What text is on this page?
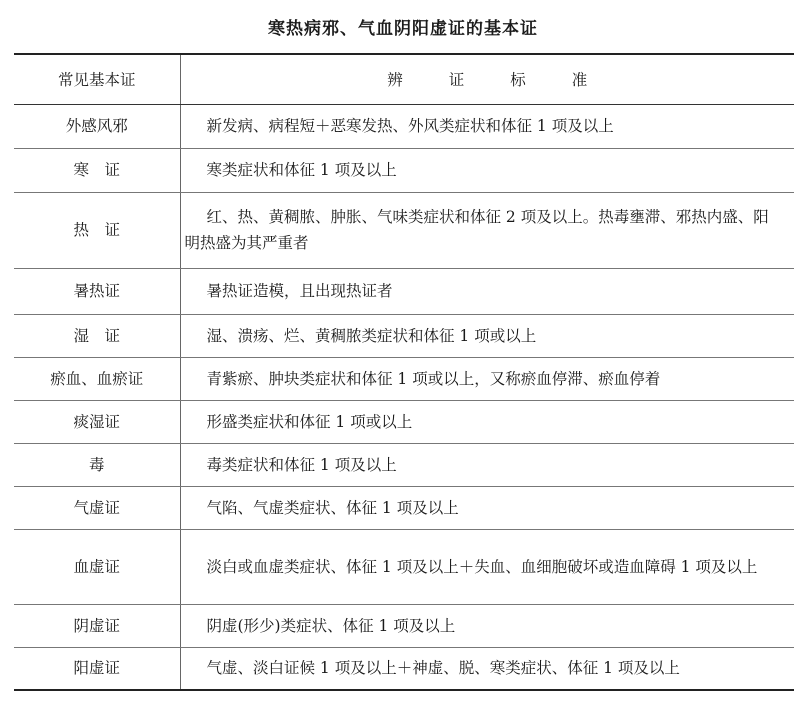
寒热病邪、气血阴阳虚证的基本证
常见基本证	辨证标准
外感风邪	新发病、病程短＋恶寒发热、外风类症状和体征 1 项及以上
寒　证	寒类症状和体征 1 项及以上
热　证	红、热、黄稠脓、肿胀、气味类症状和体征 2 项及以上。热毒壅滞、邪热内盛、阳明热盛为其严重者
暑热证	暑热证造模，且出现热证者
湿　证	湿、溃疡、烂、黄稠脓类症状和体征 1 项或以上
瘀血、血瘀证	青紫瘀、肿块类症状和体征 1 项或以上，又称瘀血停滞、瘀血停着
痰湿证	形盛类症状和体征 1 项或以上
毒	毒类症状和体征 1 项及以上
气虚证	气陷、气虚类症状、体征 1 项及以上
血虚证	淡白或血虚类症状、体征 1 项及以上＋失血、血细胞破坏或造血障碍 1 项及以上
阴虚证	阴虚(形少)类症状、体征 1 项及以上
阳虚证	气虚、淡白证候 1 项及以上＋神虚、脱、寒类症状、体征 1 项及以上
